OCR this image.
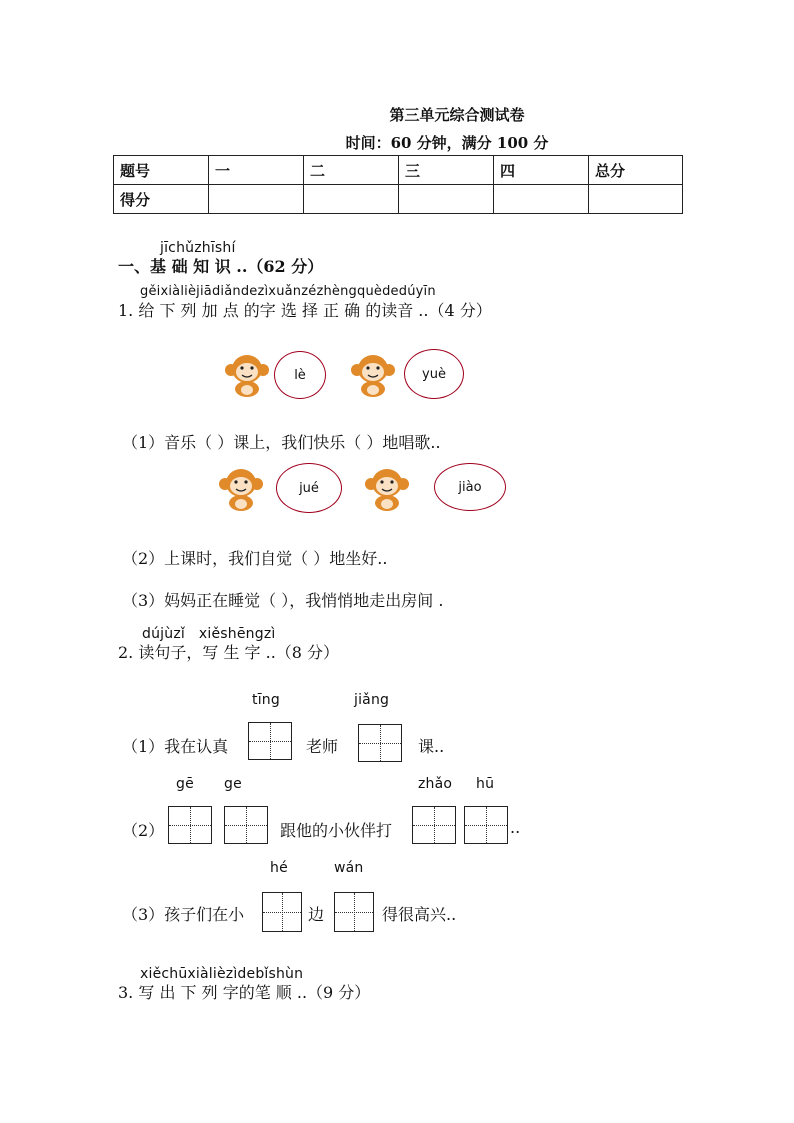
第三单元综合测试卷
时间：60 分钟，满分 100 分
题号	一	二	三	四	总分
得分					
jīchǔzhīshí
一、基 础 知 识 ..（62 分）
gěixiàlièjiādiǎndezìxuǎnzézhèngquèdedúyīn
1. 给 下 列 加 点 的字 选 择 正 确 的读音 ..（4 分）
lè	yuè
（1）音乐（ ）课上，我们快乐（ ）地唱歌..
jué	jiào
（2）上课时，我们自觉（ ）地坐好..
（3）妈妈正在睡觉（ ），我悄悄地走出房间 .
dújùzǐ   xiěshēngzì
2. 读句子，写 生 字 ..（8 分）
tīng	jiǎng
（1）我在认真	老师	课..
gē ge	zhǎo hū
（2）	跟他的小伙伴打	..
hé	wán
（3）孩子们在小	边	得很高兴..
xiěchūxiàlièzìdebǐshùn
3. 写 出 下 列 字的笔 顺 ..（9 分）
